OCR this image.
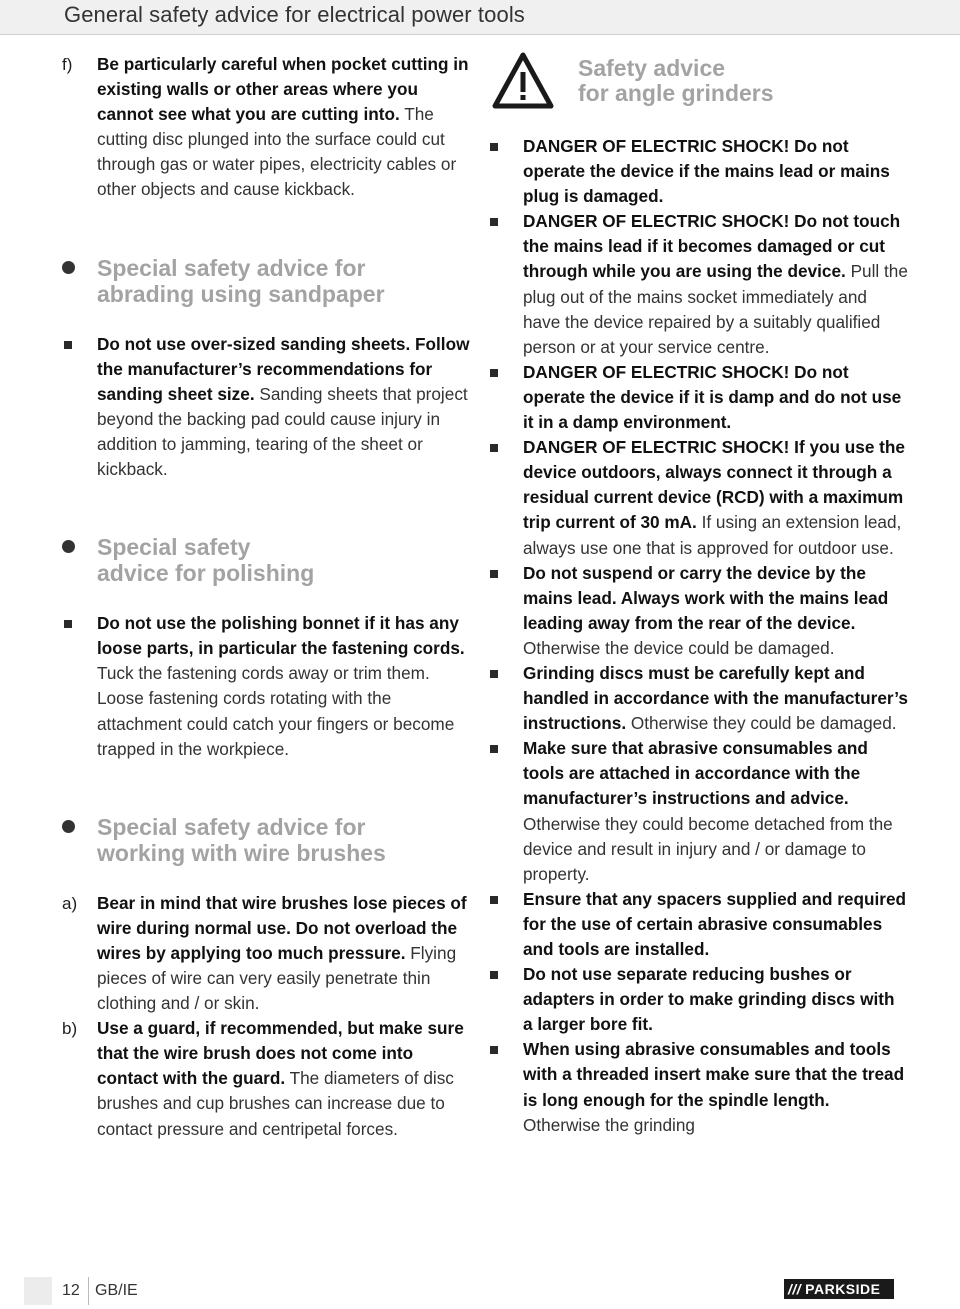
General safety advice for electrical power tools
f) Be particularly careful when pocket cutting in existing walls or other areas where you cannot see what you are cutting into. The cutting disc plunged into the surface could cut through gas or water pipes, electricity cables or other objects and cause kickback.
Special safety advice for
abrading using sandpaper
Do not use over-sized sanding sheets. Follow the manufacturer’s recommendations for sanding sheet size. Sanding sheets that project beyond the backing pad could cause injury in addition to jamming, tearing of the sheet or kickback.
Special safety
advice for polishing
Do not use the polishing bonnet if it has any loose parts, in particular the fastening cords. Tuck the fastening cords away or trim them. Loose fastening cords rotating with the attachment could catch your fingers or become trapped in the workpiece.
Special safety advice for
working with wire brushes
a) Bear in mind that wire brushes lose pieces of wire during normal use. Do not overload the wires by applying too much pressure. Flying pieces of wire can very easily penetrate thin clothing and / or skin.
b) Use a guard, if recommended, but make sure that the wire brush does not come into contact with the guard. The diameters of disc brushes and cup brushes can increase due to contact pressure and centripetal forces.
Safety advice
for angle grinders
DANGER OF ELECTRIC SHOCK! Do not operate the device if the mains lead or mains plug is damaged.
DANGER OF ELECTRIC SHOCK! Do not touch the mains lead if it becomes damaged or cut through while you are using the device. Pull the plug out of the mains socket immediately and have the device repaired by a suitably qualified person or at your service centre.
DANGER OF ELECTRIC SHOCK! Do not operate the device if it is damp and do not use it in a damp environment.
DANGER OF ELECTRIC SHOCK! If you use the device outdoors, always connect it through a residual current device (RCD) with a maximum trip current of 30 mA. If using an extension lead, always use one that is approved for outdoor use.
Do not suspend or carry the device by the mains lead. Always work with the mains lead leading away from the rear of the device. Otherwise the device could be damaged.
Grinding discs must be carefully kept and handled in accordance with the manufacturer’s instructions. Otherwise they could be damaged.
Make sure that abrasive consumables and tools are attached in accordance with the manufacturer’s instructions and advice. Otherwise they could become detached from the device and result in injury and / or damage to property.
Ensure that any spacers supplied and required for the use of certain abrasive consumables and tools are installed.
Do not use separate reducing bushes or adapters in order to make grinding discs with a larger bore fit.
When using abrasive consumables and tools with a threaded insert make sure that the tread is long enough for the spindle length. Otherwise the grinding
12 GB/IE	/// PARKSIDE
